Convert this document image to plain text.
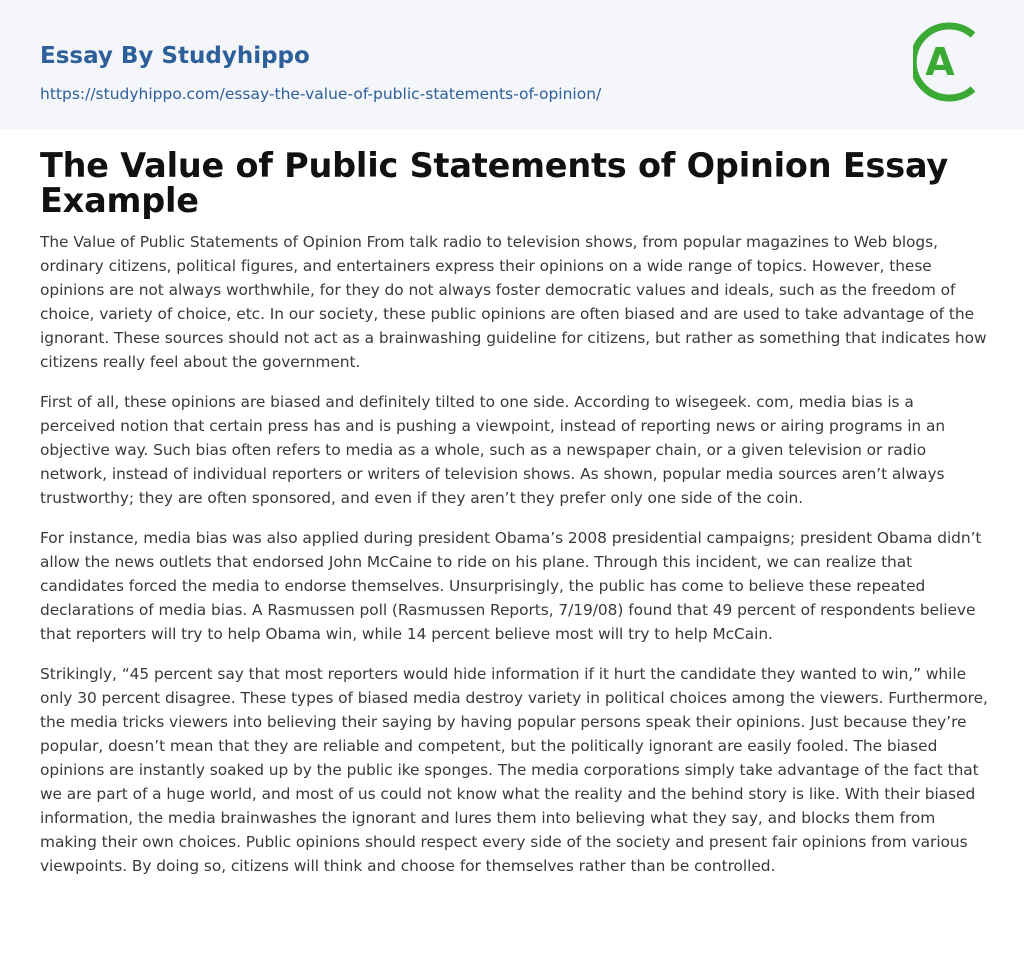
Essay By Studyhippo
https://studyhippo.com/essay-the-value-of-public-statements-of-opinion/
A
The Value of Public Statements of Opinion Essay Example

The Value of Public Statements of Opinion From talk radio to television shows, from popular magazines to Web blogs, ordinary citizens, political figures, and entertainers express their opinions on a wide range of topics. However, these opinions are not always worthwhile, for they do not always foster democratic values and ideals, such as the freedom of choice, variety of choice, etc. In our society, these public opinions are often biased and are used to take advantage of the ignorant. These sources should not act as a brainwashing guideline for citizens, but rather as something that indicates how citizens really feel about the government.

First of all, these opinions are biased and definitely tilted to one side. According to wisegeek. com, media bias is a perceived notion that certain press has and is pushing a viewpoint, instead of reporting news or airing programs in an objective way. Such bias often refers to media as a whole, such as a newspaper chain, or a given television or radio network, instead of individual reporters or writers of television shows. As shown, popular media sources aren’t always trustworthy; they are often sponsored, and even if they aren’t they prefer only one side of the coin.

For instance, media bias was also applied during president Obama’s 2008 presidential campaigns; president Obama didn’t allow the news outlets that endorsed John McCaine to ride on his plane. Through this incident, we can realize that candidates forced the media to endorse themselves. Unsurprisingly, the public has come to believe these repeated declarations of media bias. A Rasmussen poll (Rasmussen Reports, 7/19/08) found that 49 percent of respondents believe that reporters will try to help Obama win, while 14 percent believe most will try to help McCain.

Strikingly, “45 percent say that most reporters would hide information if it hurt the candidate they wanted to win,” while only 30 percent disagree. These types of biased media destroy variety in political choices among the viewers. Furthermore, the media tricks viewers into believing their saying by having popular persons speak their opinions. Just because they’re popular, doesn’t mean that they are reliable and competent, but the politically ignorant are easily fooled. The biased opinions are instantly soaked up by the public ike sponges. The media corporations simply take advantage of the fact that we are part of a huge world, and most of us could not know what the reality and the behind story is like. With their biased information, the media brainwashes the ignorant and lures them into believing what they say, and blocks them from making their own choices. Public opinions should respect every side of the society and present fair opinions from various viewpoints. By doing so, citizens will think and choose for themselves rather than be controlled.
